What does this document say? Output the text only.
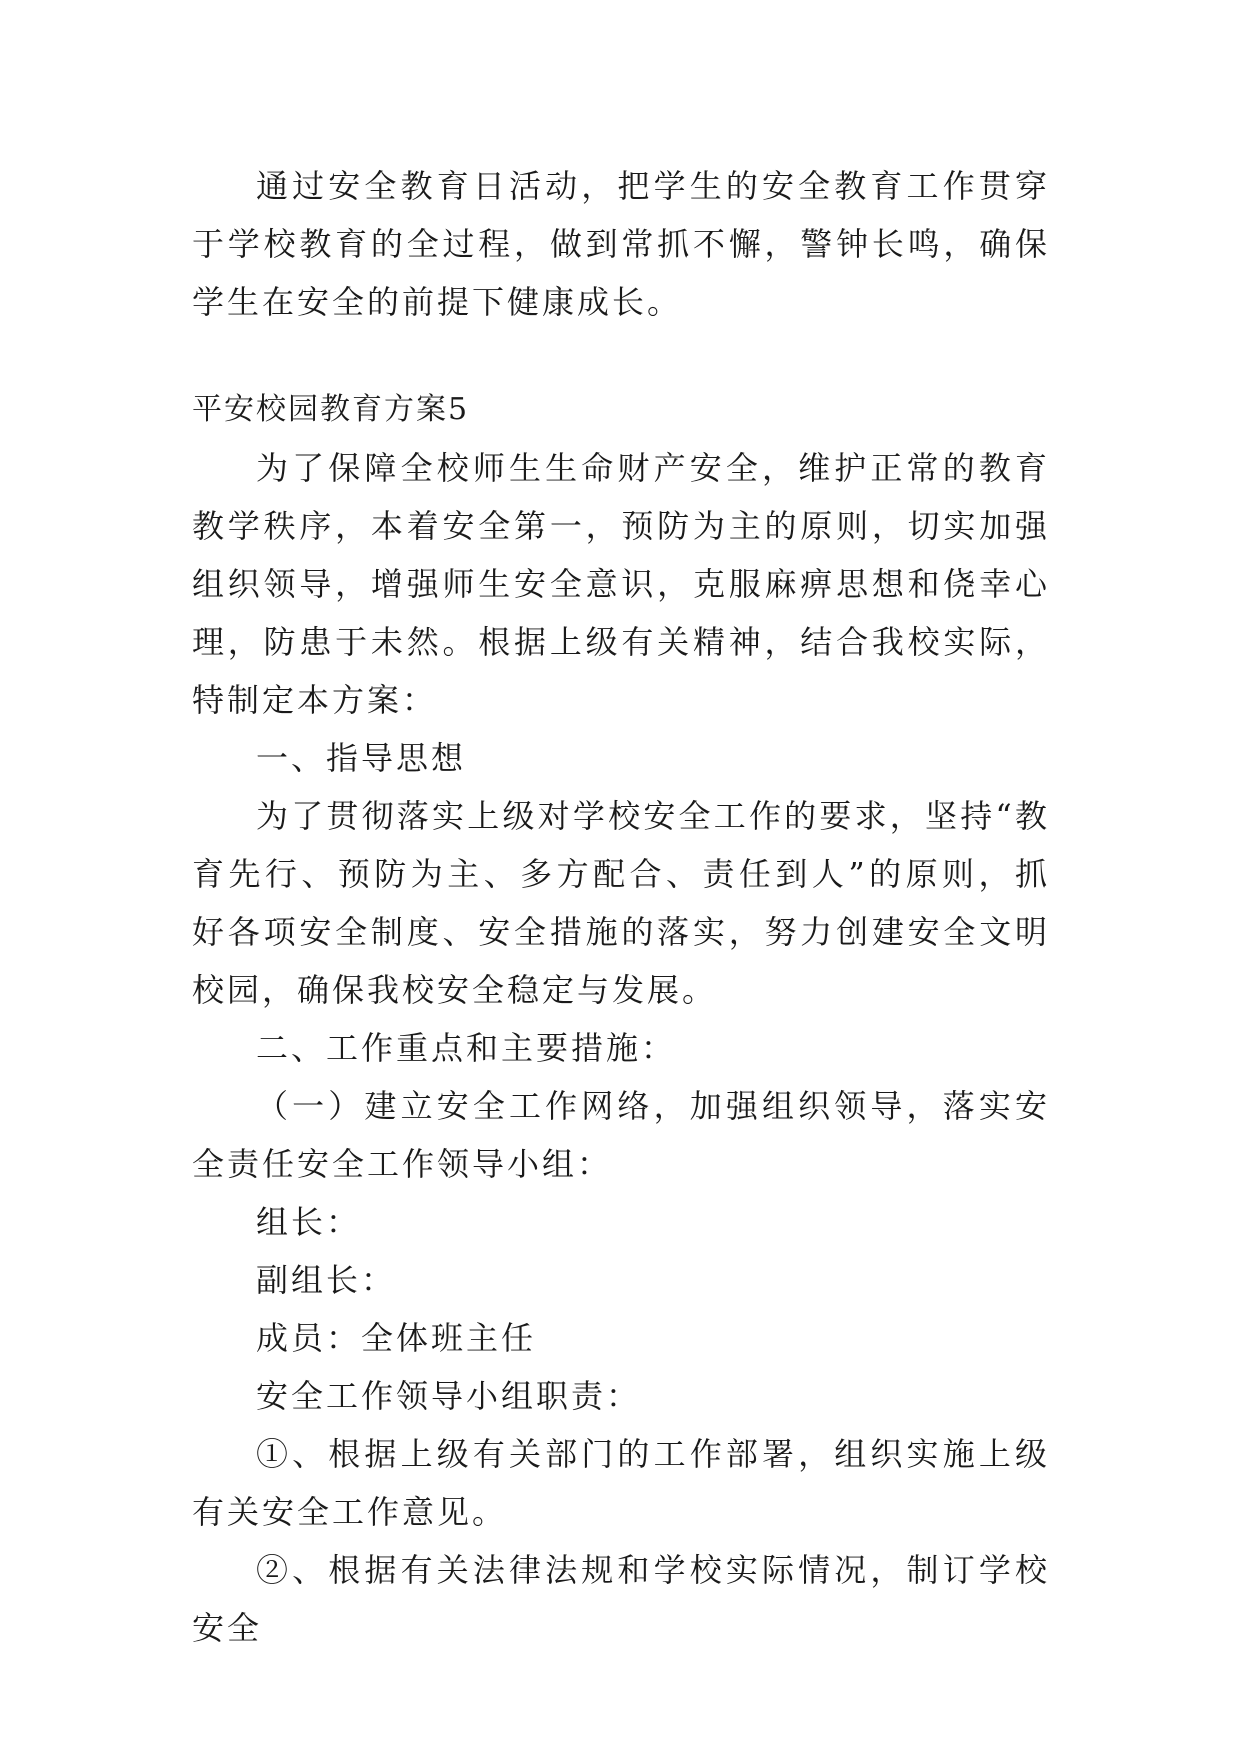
通过安全教育日活动，把学生的安全教育工作贯穿于学校教育的全过程，做到常抓不懈，警钟长鸣，确保学生在安全的前提下健康成长。

平安校园教育方案5

为了保障全校师生生命财产安全，维护正常的教育教学秩序，本着安全第一，预防为主的原则，切实加强组织领导，增强师生安全意识，克服麻痹思想和侥幸心理，防患于未然。根据上级有关精神，结合我校实际，特制定本方案：

一、指导思想

为了贯彻落实上级对学校安全工作的要求，坚持“教育先行、预防为主、多方配合、责任到人”的原则，抓好各项安全制度、安全措施的落实，努力创建安全文明校园，确保我校安全稳定与发展。

二、工作重点和主要措施：

（一）建立安全工作网络，加强组织领导，落实安全责任安全工作领导小组：

组长：

副组长：

成员：全体班主任

安全工作领导小组职责：

①、根据上级有关部门的工作部署，组织实施上级有关安全工作意见。

②、根据有关法律法规和学校实际情况，制订学校安全
